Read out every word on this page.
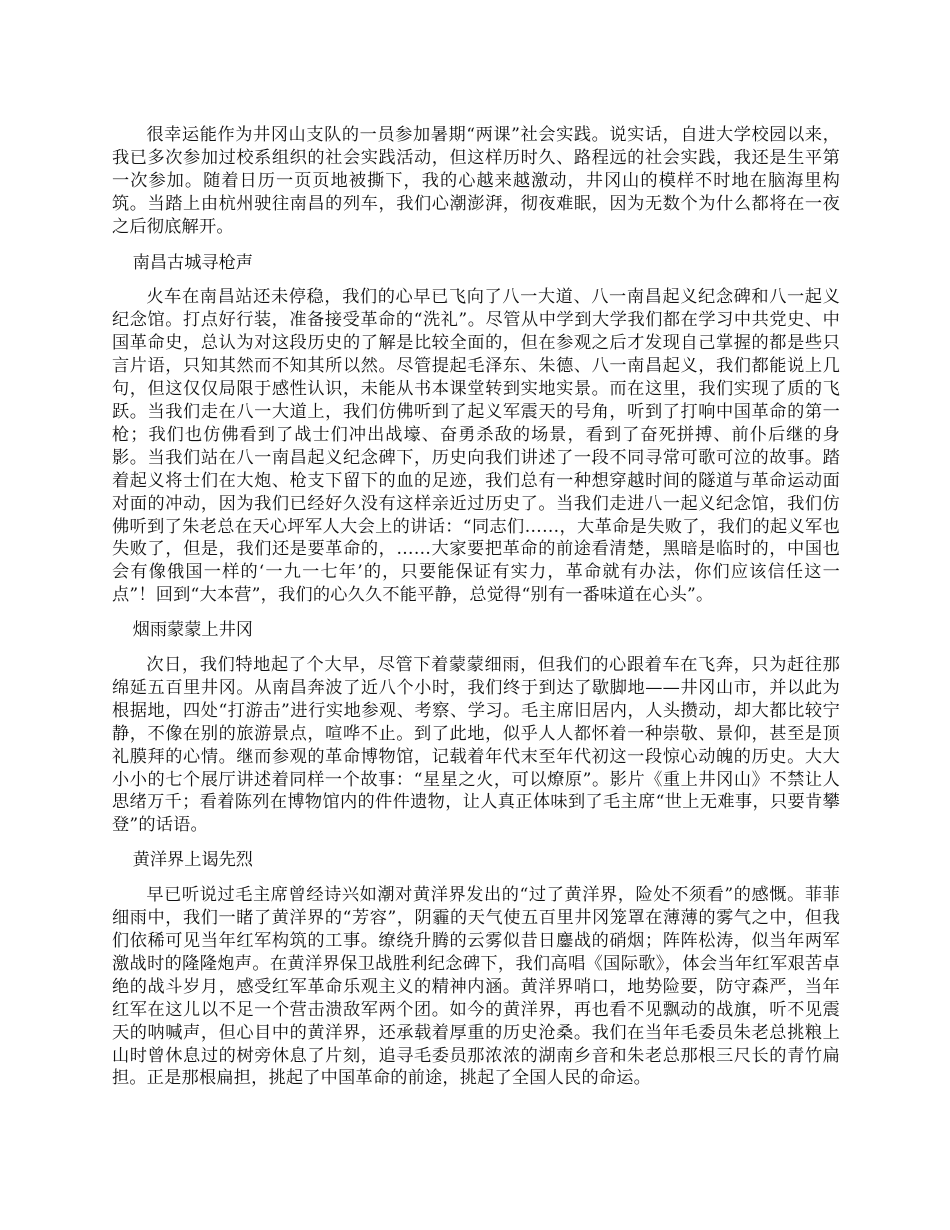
很幸运能作为井冈山支队的一员参加暑期“两课”社会实践。说实话，自进大学校园以来，我已多次参加过校系组织的社会实践活动，但这样历时久、路程远的社会实践，我还是生平第一次参加。随着日历一页页地被撕下，我的心越来越激动，井冈山的模样不时地在脑海里构筑。当踏上由杭州驶往南昌的列车，我们心潮澎湃，彻夜难眠，因为无数个为什么都将在一夜之后彻底解开。

南昌古城寻枪声

火车在南昌站还未停稳，我们的心早已飞向了八一大道、八一南昌起义纪念碑和八一起义纪念馆。打点好行装，准备接受革命的“洗礼”。尽管从中学到大学我们都在学习中共党史、中国革命史，总认为对这段历史的了解是比较全面的，但在参观之后才发现自己掌握的都是些只言片语，只知其然而不知其所以然。尽管提起毛泽东、朱德、八一南昌起义，我们都能说上几句，但这仅仅局限于感性认识，未能从书本课堂转到实地实景。而在这里，我们实现了质的飞跃。当我们走在八一大道上，我们仿佛听到了起义军震天的号角，听到了打响中国革命的第一枪；我们也仿佛看到了战士们冲出战壕、奋勇杀敌的场景，看到了奋死拼搏、前仆后继的身影。当我们站在八一南昌起义纪念碑下，历史向我们讲述了一段不同寻常可歌可泣的故事。踏着起义将士们在大炮、枪支下留下的血的足迹，我们总有一种想穿越时间的隧道与革命运动面对面的冲动，因为我们已经好久没有这样亲近过历史了。当我们走进八一起义纪念馆，我们仿佛听到了朱老总在天心坪军人大会上的讲话：“同志们……，大革命是失败了，我们的起义军也失败了，但是，我们还是要革命的，……大家要把革命的前途看清楚，黑暗是临时的，中国也会有像俄国一样的‘一九一七年’的，只要能保证有实力，革命就有办法，你们应该信任这一点”！回到“大本营”，我们的心久久不能平静，总觉得“别有一番味道在心头”。

烟雨蒙蒙上井冈

次日，我们特地起了个大早，尽管下着蒙蒙细雨，但我们的心跟着车在飞奔，只为赶往那绵延五百里井冈。从南昌奔波了近八个小时，我们终于到达了歇脚地——井冈山市，并以此为根据地，四处“打游击”进行实地参观、考察、学习。毛主席旧居内，人头攒动，却大都比较宁静，不像在别的旅游景点，喧哗不止。到了此地，似乎人人都怀着一种崇敬、景仰，甚至是顶礼膜拜的心情。继而参观的革命博物馆，记载着年代末至年代初这一段惊心动魄的历史。大大小小的七个展厅讲述着同样一个故事：“星星之火，可以燎原”。影片《重上井冈山》不禁让人思绪万千；看着陈列在博物馆内的件件遗物，让人真正体味到了毛主席“世上无难事，只要肯攀登”的话语。

黄洋界上谒先烈

早已听说过毛主席曾经诗兴如潮对黄洋界发出的“过了黄洋界，险处不须看”的感慨。菲菲细雨中，我们一睹了黄洋界的“芳容”，阴霾的天气使五百里井冈笼罩在薄薄的雾气之中，但我们依稀可见当年红军构筑的工事。缭绕升腾的云雾似昔日鏖战的硝烟；阵阵松涛，似当年两军激战时的隆隆炮声。在黄洋界保卫战胜利纪念碑下，我们高唱《国际歌》，体会当年红军艰苦卓绝的战斗岁月，感受红军革命乐观主义的精神内涵。黄洋界哨口，地势险要，防守森严，当年红军在这儿以不足一个营击溃敌军两个团。如今的黄洋界，再也看不见飘动的战旗，听不见震天的呐喊声，但心目中的黄洋界，还承载着厚重的历史沧桑。我们在当年毛委员朱老总挑粮上山时曾休息过的树旁休息了片刻，追寻毛委员那浓浓的湖南乡音和朱老总那根三尺长的青竹扁担。正是那根扁担，挑起了中国革命的前途，挑起了全国人民的命运。
